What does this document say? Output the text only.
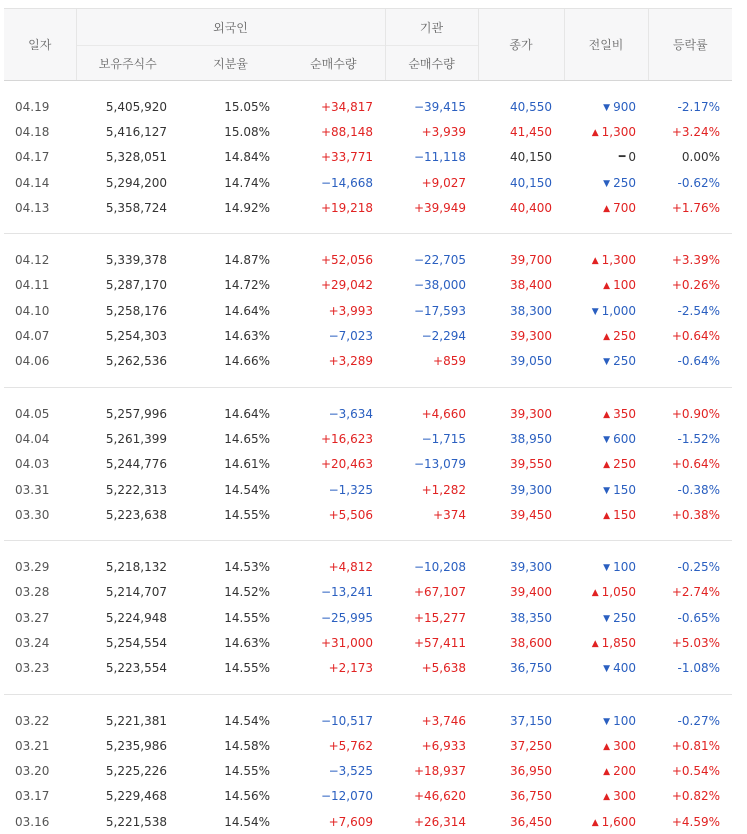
일자	외국인			기관	종가	전일비	등락률
	보유주식수	지분율	순매수량	순매수량			

04.19	5,405,920	15.05%	+34,817	−39,415	40,550	▼ 900	-2.17%
04.18	5,416,127	15.08%	+88,148	+3,939	41,450	▲ 1,300	+3.24%
04.17	5,328,051	14.84%	+33,771	−11,118	40,150	━ 0	0.00%
04.14	5,294,200	14.74%	−14,668	+9,027	40,150	▼ 250	-0.62%
04.13	5,358,724	14.92%	+19,218	+39,949	40,400	▲ 700	+1.76%

04.12	5,339,378	14.87%	+52,056	−22,705	39,700	▲ 1,300	+3.39%
04.11	5,287,170	14.72%	+29,042	−38,000	38,400	▲ 100	+0.26%
04.10	5,258,176	14.64%	+3,993	−17,593	38,300	▼ 1,000	-2.54%
04.07	5,254,303	14.63%	−7,023	−2,294	39,300	▲ 250	+0.64%
04.06	5,262,536	14.66%	+3,289	+859	39,050	▼ 250	-0.64%

04.05	5,257,996	14.64%	−3,634	+4,660	39,300	▲ 350	+0.90%
04.04	5,261,399	14.65%	+16,623	−1,715	38,950	▼ 600	-1.52%
04.03	5,244,776	14.61%	+20,463	−13,079	39,550	▲ 250	+0.64%
03.31	5,222,313	14.54%	−1,325	+1,282	39,300	▼ 150	-0.38%
03.30	5,223,638	14.55%	+5,506	+374	39,450	▲ 150	+0.38%

03.29	5,218,132	14.53%	+4,812	−10,208	39,300	▼ 100	-0.25%
03.28	5,214,707	14.52%	−13,241	+67,107	39,400	▲ 1,050	+2.74%
03.27	5,224,948	14.55%	−25,995	+15,277	38,350	▼ 250	-0.65%
03.24	5,254,554	14.63%	+31,000	+57,411	38,600	▲ 1,850	+5.03%
03.23	5,223,554	14.55%	+2,173	+5,638	36,750	▼ 400	-1.08%

03.22	5,221,381	14.54%	−10,517	+3,746	37,150	▼ 100	-0.27%
03.21	5,235,986	14.58%	+5,762	+6,933	37,250	▲ 300	+0.81%
03.20	5,225,226	14.55%	−3,525	+18,937	36,950	▲ 200	+0.54%
03.17	5,229,468	14.56%	−12,070	+46,620	36,750	▲ 300	+0.82%
03.16	5,221,538	14.54%	+7,609	+26,314	36,450	▲ 1,600	+4.59%
